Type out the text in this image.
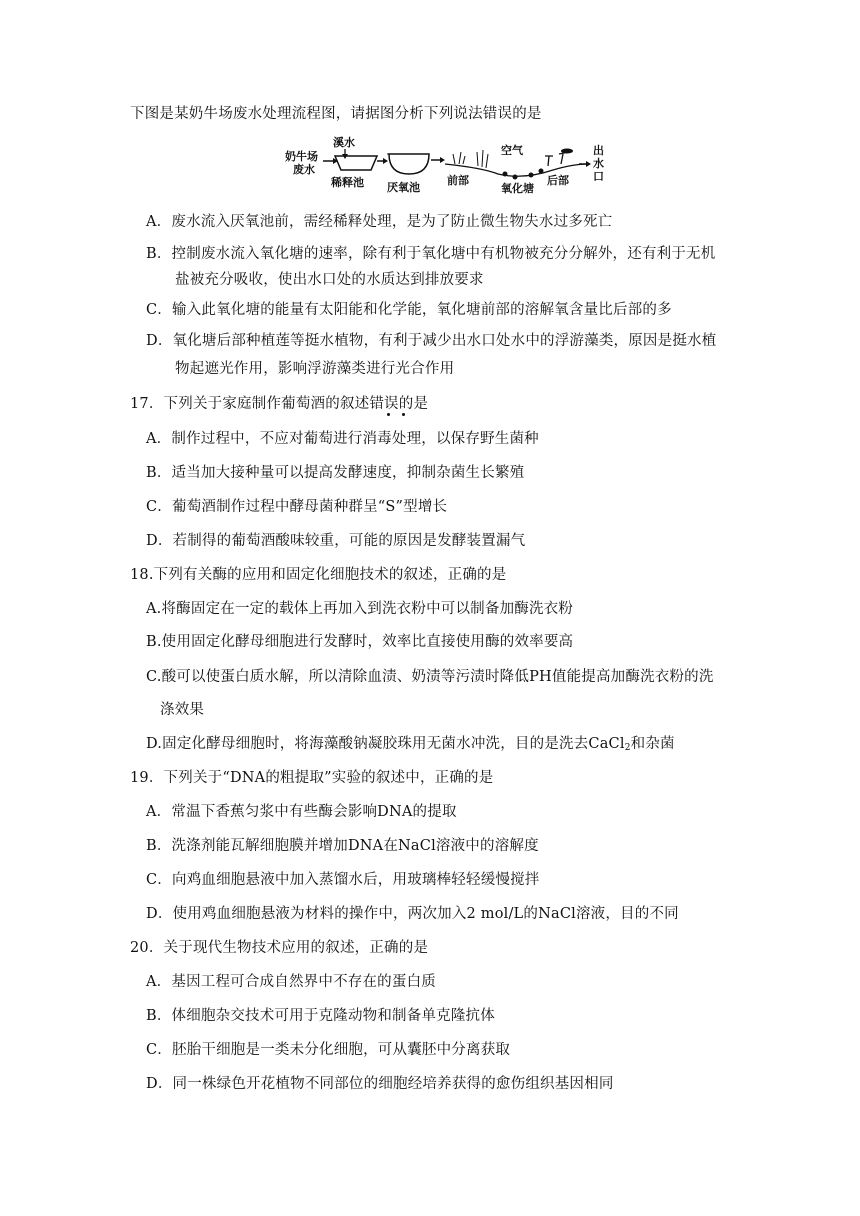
下图是某奶牛场废水处理流程图，请据图分析下列说法错误的是
奶牛场
废水
溪水
稀释池 厌氧池
空气
前部
氧化塘
后部
出
水
口
A．废水流入厌氧池前，需经稀释处理，是为了防止微生物失水过多死亡
B．控制废水流入氧化塘的速率，除有利于氧化塘中有机物被充分分解外，还有利于无机
盐被充分吸收，使出水口处的水质达到排放要求
C．输入此氧化塘的能量有太阳能和化学能，氧化塘前部的溶解氧含量比后部的多
D．氧化塘后部种植莲等挺水植物，有利于减少出水口处水中的浮游藻类，原因是挺水植
物起遮光作用，影响浮游藻类进行光合作用
17．下列关于家庭制作葡萄酒的叙述错误的是
A．制作过程中，不应对葡萄进行消毒处理，以保存野生菌种
B．适当加大接种量可以提高发酵速度，抑制杂菌生长繁殖
C．葡萄酒制作过程中酵母菌种群呈“S”型增长
D．若制得的葡萄酒酸味较重，可能的原因是发酵装置漏气
18.下列有关酶的应用和固定化细胞技术的叙述，正确的是
A.将酶固定在一定的载体上再加入到洗衣粉中可以制备加酶洗衣粉
B.使用固定化酵母细胞进行发酵时，效率比直接使用酶的效率要高
C.酸可以使蛋白质水解，所以清除血渍、奶渍等污渍时降低PH值能提高加酶洗衣粉的洗
涤效果
D.固定化酵母细胞时，将海藻酸钠凝胶珠用无菌水冲洗，目的是洗去CaCl$_2$和杂菌
19．下列关于“DNA的粗提取”实验的叙述中，正确的是
A．常温下香蕉匀浆中有些酶会影响DNA的提取
B．洗涤剂能瓦解细胞膜并增加DNA在NaCl溶液中的溶解度
C．向鸡血细胞悬液中加入蒸馏水后，用玻璃棒轻轻缓慢搅拌
D．使用鸡血细胞悬液为材料的操作中，两次加入2 mol/L的NaCl溶液，目的不同
20．关于现代生物技术应用的叙述，正确的是
A．基因工程可合成自然界中不存在的蛋白质
B．体细胞杂交技术可用于克隆动物和制备单克隆抗体
C．胚胎干细胞是一类未分化细胞，可从囊胚中分离获取
D．同一株绿色开花植物不同部位的细胞经培养获得的愈伤组织基因相同
